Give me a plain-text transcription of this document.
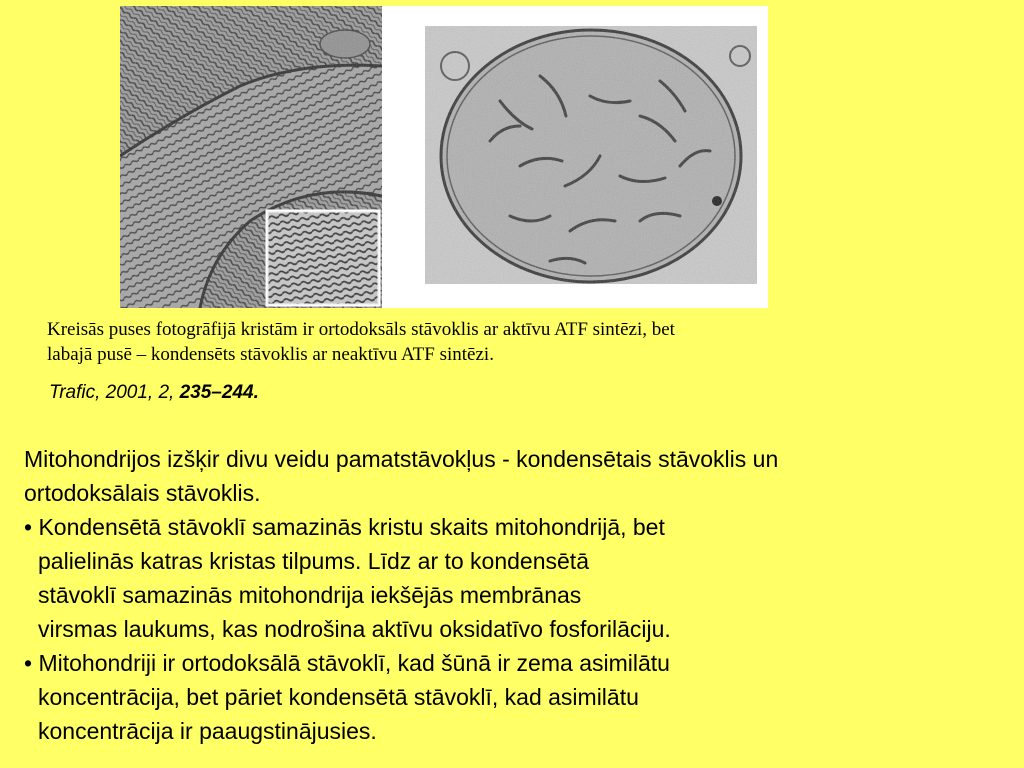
Kreisās puses fotogrāfijā kristām ir ortodoksāls stāvoklis ar aktīvu ATF sintēzi, bet

labajā pusē – kondensēts stāvoklis ar neaktīvu ATF sintēzi.

Trafic, 2001, 2, 235–244.

Mitohondrijos izšķir divu veidu pamatstāvokļus - kondensētais stāvoklis un

ortodoksālais stāvoklis.

• Kondensētā stāvoklī samazinās kristu skaits mitohondrijā, bet
palielinās katras kristas tilpums. Līdz ar to kondensētā
stāvoklī samazinās mitohondrija iekšējās membrānas
virsmas laukums, kas nodrošina aktīvu oksidatīvo fosforilāciju.
• Mitohondriji ir ortodoksālā stāvoklī, kad šūnā ir zema asimilātu
koncentrācija, bet pāriet kondensētā stāvoklī, kad asimilātu
koncentrācija ir paaugstinājusies.
